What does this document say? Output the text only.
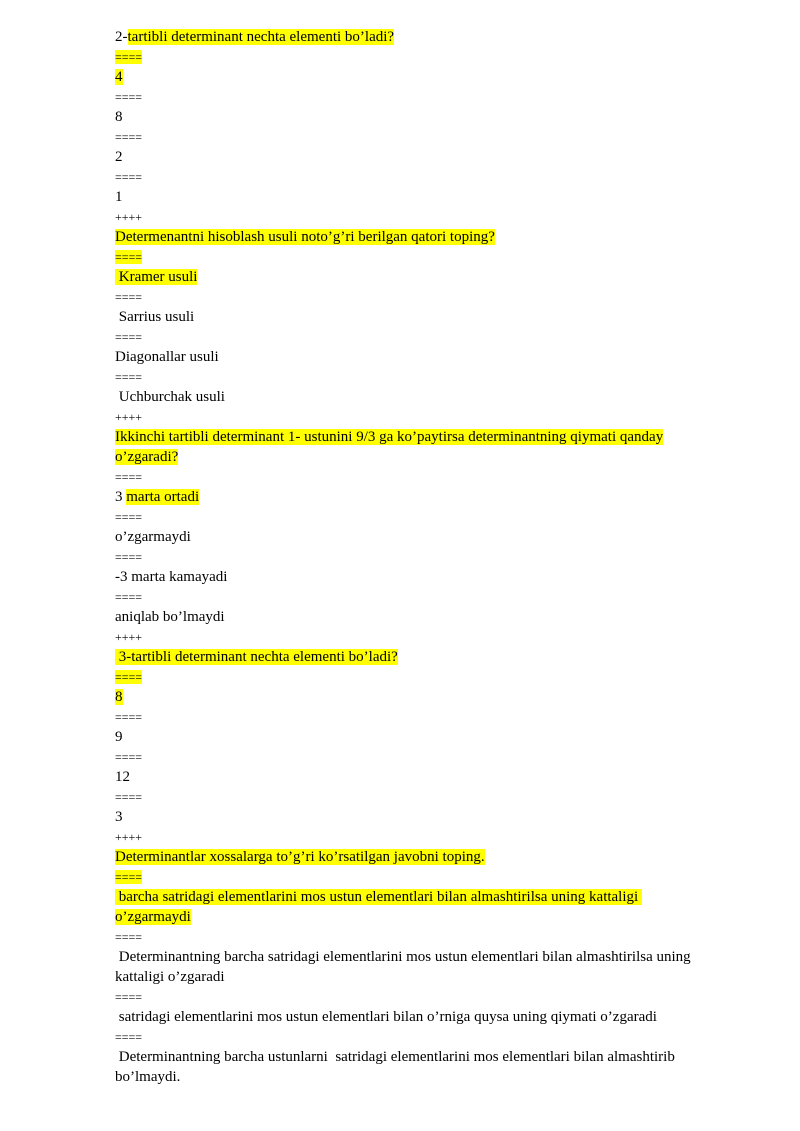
2-tartibli determinant nechta elementi bo’ladi?
====
4
====
8
====
2
====
1
++++
Determenantni hisoblash usuli noto’g’ri berilgan qatori toping?
====
Kramer usuli
====
Sarrius usuli
====
Diagonallar usuli
====
Uchburchak usuli
++++
Ikkinchi tartibli determinant 1- ustunini 9/3 ga ko’paytirsa determinantning qiymati qanday
o’zgaradi?
====
3 marta ortadi
====
o’zgarmaydi
====
-3 marta kamayadi
====
aniqlab bo’lmaydi
++++
3-tartibli determinant nechta elementi bo’ladi?
====
8
====
9
====
12
====
3
++++
Determinantlar xossalarga to’g’ri ko’rsatilgan javobni toping.
====
barcha satridagi elementlarini mos ustun elementlari bilan almashtirilsa uning kattaligi
o’zgarmaydi
====
Determinantning barcha satridagi elementlarini mos ustun elementlari bilan almashtirilsa uning
kattaligi o’zgaradi
====
satridagi elementlarini mos ustun elementlari bilan o’rniga quysa uning qiymati o’zgaradi
====
Determinantning barcha ustunlarni  satridagi elementlarini mos elementlari bilan almashtirib
bo’lmaydi.
